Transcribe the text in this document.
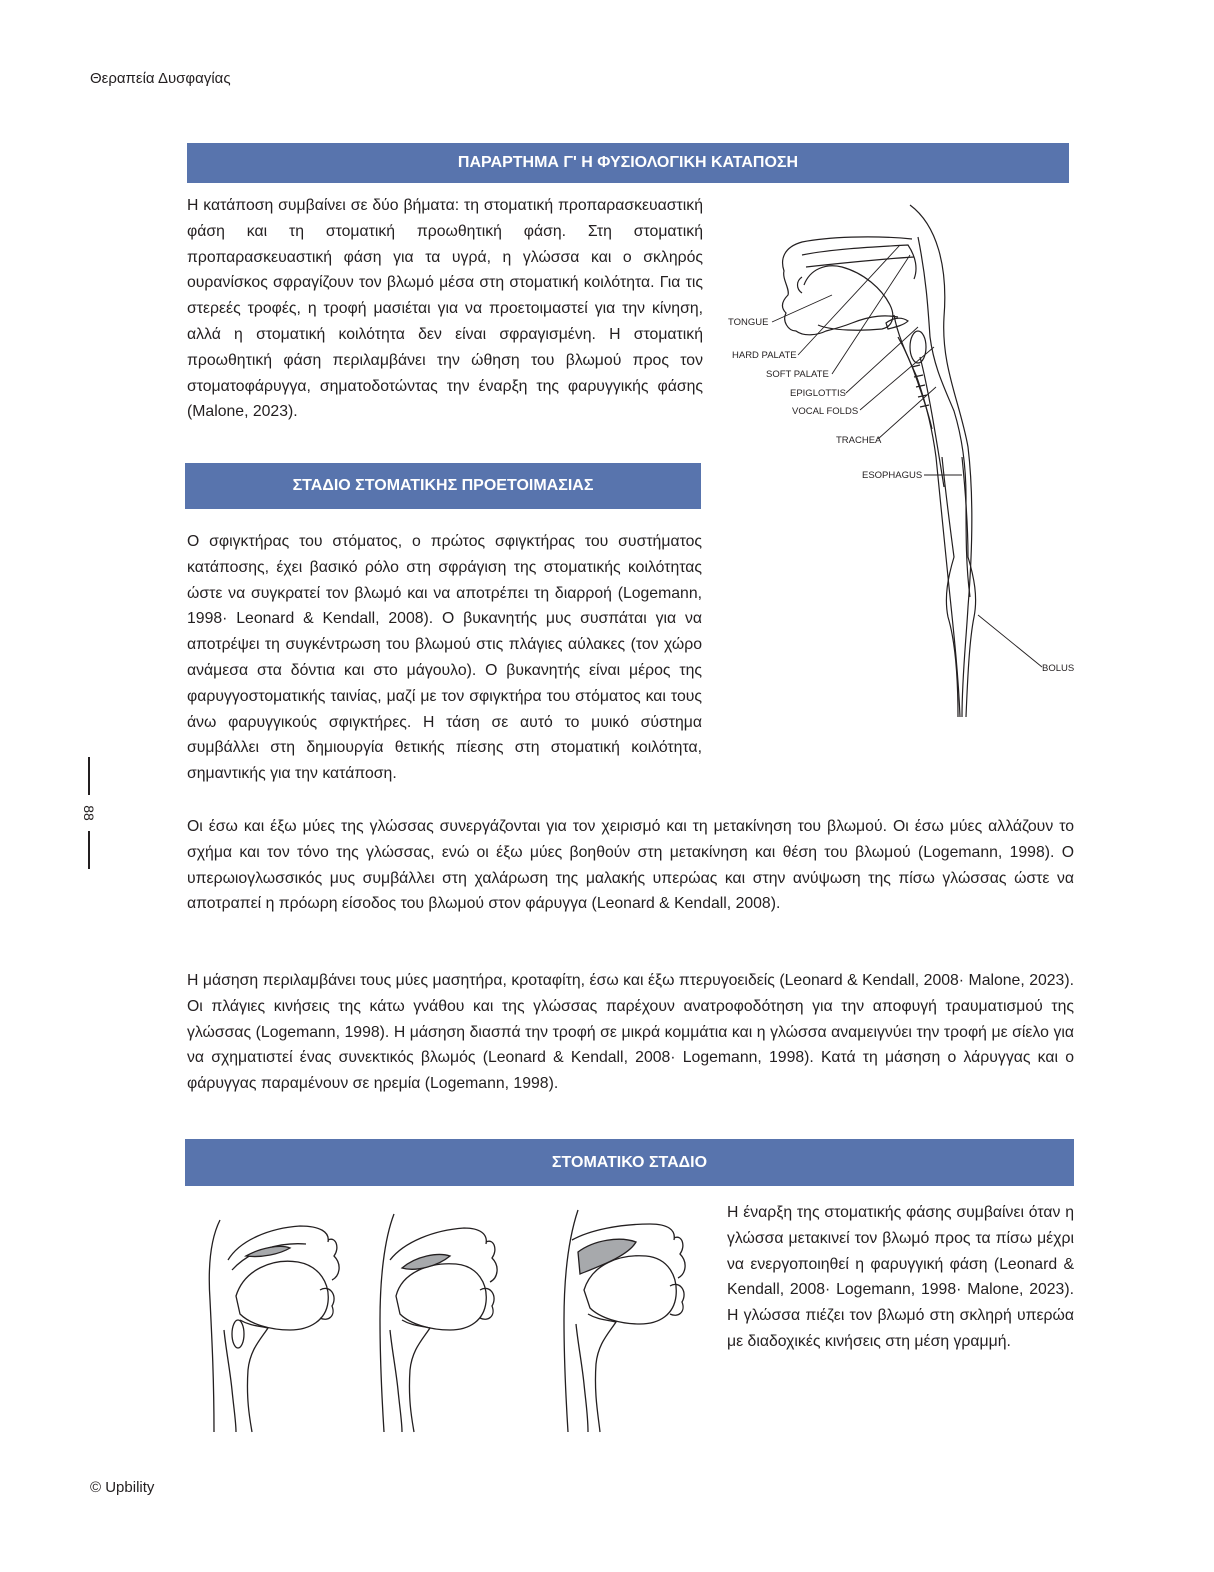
Θεραπεία Δυσφαγίας
88
ΠΑΡΑΡΤΗΜΑ Γ' Η ΦΥΣΙΟΛΟΓΙΚΗ ΚΑΤΑΠΟΣΗ

Η κατάποση συμβαίνει σε δύο βήματα: τη στοματική προπαρασκευαστική φάση και τη στοματική προωθητική φάση. Στη στοματική προπαρασκευαστική φάση για τα υγρά, η γλώσσα και ο σκληρός ουρανίσκος σφραγίζουν τον βλωμό μέσα στη στοματική κοιλότητα. Για τις στερεές τροφές, η τροφή μασιέται για να προετοιμαστεί για την κίνηση, αλλά η στοματική κοιλότητα δεν είναι σφραγισμένη. Η στοματική προωθητική φάση περιλαμβάνει την ώθηση του βλωμού προς τον στοματοφάρυγγα, σηματοδοτώντας την έναρξη της φαρυγγικής φάσης (Malone, 2023).

ΣΤΑΔΙΟ ΣΤΟΜΑΤΙΚΗΣ ΠΡΟΕΤΟΙΜΑΣΙΑΣ
Ο σφιγκτήρας του στόματος, ο πρώτος σφιγκτήρας του συστήματος κατάποσης, έχει βασικό ρόλο στη σφράγιση της στοματικής κοιλότητας ώστε να συγκρατεί τον βλωμό και να αποτρέπει τη διαρροή (Logemann, 1998· Leonard & Kendall, 2008). Ο βυκανητής μυς συσπάται για να αποτρέψει τη συγκέντρωση του βλωμού στις πλάγιες αύλακες (τον χώρο ανάμεσα στα δόντια και στο μάγουλο). Ο βυκανητής είναι μέρος της φαρυγγοστοματικής ταινίας, μαζί με τον σφιγκτήρα του στόματος και τους άνω φαρυγγικούς σφιγκτήρες. Η τάση σε αυτό το μυικό σύστημα συμβάλλει στη δημιουργία θετικής πίεσης στη στοματική κοιλότητα, σημαντικής για την κατάποση.

Οι έσω και έξω μύες της γλώσσας συνεργάζονται για τον χειρισμό και τη μετακίνηση του βλωμού. Οι έσω μύες αλλάζουν το σχήμα και τον τόνο της γλώσσας, ενώ οι έξω μύες βοηθούν στη μετακίνηση και θέση του βλωμού (Logemann, 1998). Ο υπερωιογλωσσικός μυς συμβάλλει στη χαλάρωση της μαλακής υπερώας και στην ανύψωση της πίσω γλώσσας ώστε να αποτραπεί η πρόωρη είσοδος του βλωμού στον φάρυγγα (Leonard & Kendall, 2008).

Η μάσηση περιλαμβάνει τους μύες μασητήρα, κροταφίτη, έσω και έξω πτερυγοειδείς (Leonard & Kendall, 2008· Malone, 2023). Οι πλάγιες κινήσεις της κάτω γνάθου και της γλώσσας παρέχουν ανατροφοδότηση για την αποφυγή τραυματισμού της γλώσσας (Logemann, 1998). Η μάσηση διασπά την τροφή σε μικρά κομμάτια και η γλώσσα αναμειγνύει την τροφή με σίελο για να σχηματιστεί ένας συνεκτικός βλωμός (Leonard & Kendall, 2008· Logemann, 1998). Κατά τη μάσηση ο λάρυγγας και ο φάρυγγας παραμένουν σε ηρεμία (Logemann, 1998).

ΣΤΟΜΑΤΙΚΟ ΣΤΑΔΙΟ

Η έναρξη της στοματικής φάσης συμβαίνει όταν η γλώσσα μετακινεί τον βλωμό προς τα πίσω μέχρι να ενεργοποιηθεί η φαρυγγική φάση (Leonard & Kendall, 2008· Logemann, 1998· Malone, 2023). Η γλώσσα πιέζει τον βλωμό στη σκληρή υπερώα με διαδοχικές κινήσεις στη μέση γραμμή.

TONGUE
HARD PALATE
SOFT PALATE
EPIGLOTTIS
VOCAL FOLDS
TRACHEA
ESOPHAGUS
BOLUS
© Upbility
